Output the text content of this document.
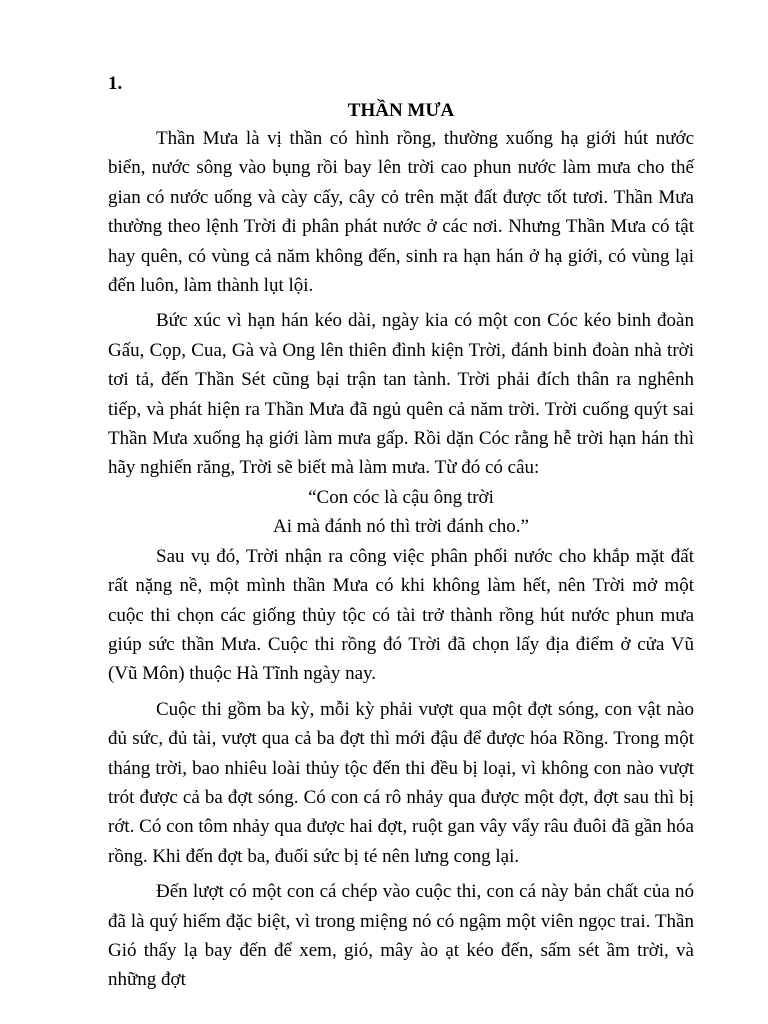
1.

THẦN MƯA

Thần Mưa là vị thần có hình rồng, thường xuống hạ giới hút nước biển, nước sông vào bụng rồi bay lên trời cao phun nước làm mưa cho thế gian có nước uống và cày cấy, cây cỏ trên mặt đất được tốt tươi. Thần Mưa thường theo lệnh Trời đi phân phát nước ở các nơi. Nhưng Thần Mưa có tật hay quên, có vùng cả năm không đến, sinh ra hạn hán ở hạ giới, có vùng lại đến luôn, làm thành lụt lội.

Bức xúc vì hạn hán kéo dài, ngày kia có một con Cóc kéo binh đoàn Gấu, Cọp, Cua, Gà và Ong lên thiên đình kiện Trời, đánh binh đoàn nhà trời tơi tả, đến Thần Sét cũng bại trận tan tành. Trời phải đích thân ra nghênh tiếp, và phát hiện ra Thần Mưa đã ngủ quên cả năm trời. Trời cuống quýt sai Thần Mưa xuống hạ giới làm mưa gấp. Rồi dặn Cóc rằng hễ trời hạn hán thì hãy nghiến răng, Trời sẽ biết mà làm mưa. Từ đó có câu:

“Con cóc là cậu ông trời

Ai mà đánh nó thì trời đánh cho.”

Sau vụ đó, Trời nhận ra công việc phân phối nước cho khắp mặt đất rất nặng nề, một mình thần Mưa có khi không làm hết, nên Trời mở một cuộc thi chọn các giống thủy tộc có tài trở thành rồng hút nước phun mưa giúp sức thần Mưa. Cuộc thi rồng đó Trời đã chọn lấy địa điểm ở cửa Vũ (Vũ Môn) thuộc Hà Tĩnh ngày nay.

Cuộc thi gồm ba kỳ, mỗi kỳ phải vượt qua một đợt sóng, con vật nào đủ sức, đủ tài, vượt qua cả ba đợt thì mới đậu để được hóa Rồng. Trong một tháng trời, bao nhiêu loài thủy tộc đến thi đều bị loại, vì không con nào vượt trót được cả ba đợt sóng. Có con cá rô nhảy qua được một đợt, đợt sau thì bị rớt. Có con tôm nhảy qua được hai đợt, ruột gan vây vẩy râu đuôi đã gần hóa rồng. Khi đến đợt ba, đuối sức bị té nên lưng cong lại.

Đến lượt có một con cá chép vào cuộc thi, con cá này bản chất của nó đã là quý hiếm đặc biệt, vì trong miệng nó có ngậm một viên ngọc trai. Thần Gió thấy lạ bay đến để xem, gió, mây ào ạt kéo đến, sấm sét ầm trời, và những đợt
